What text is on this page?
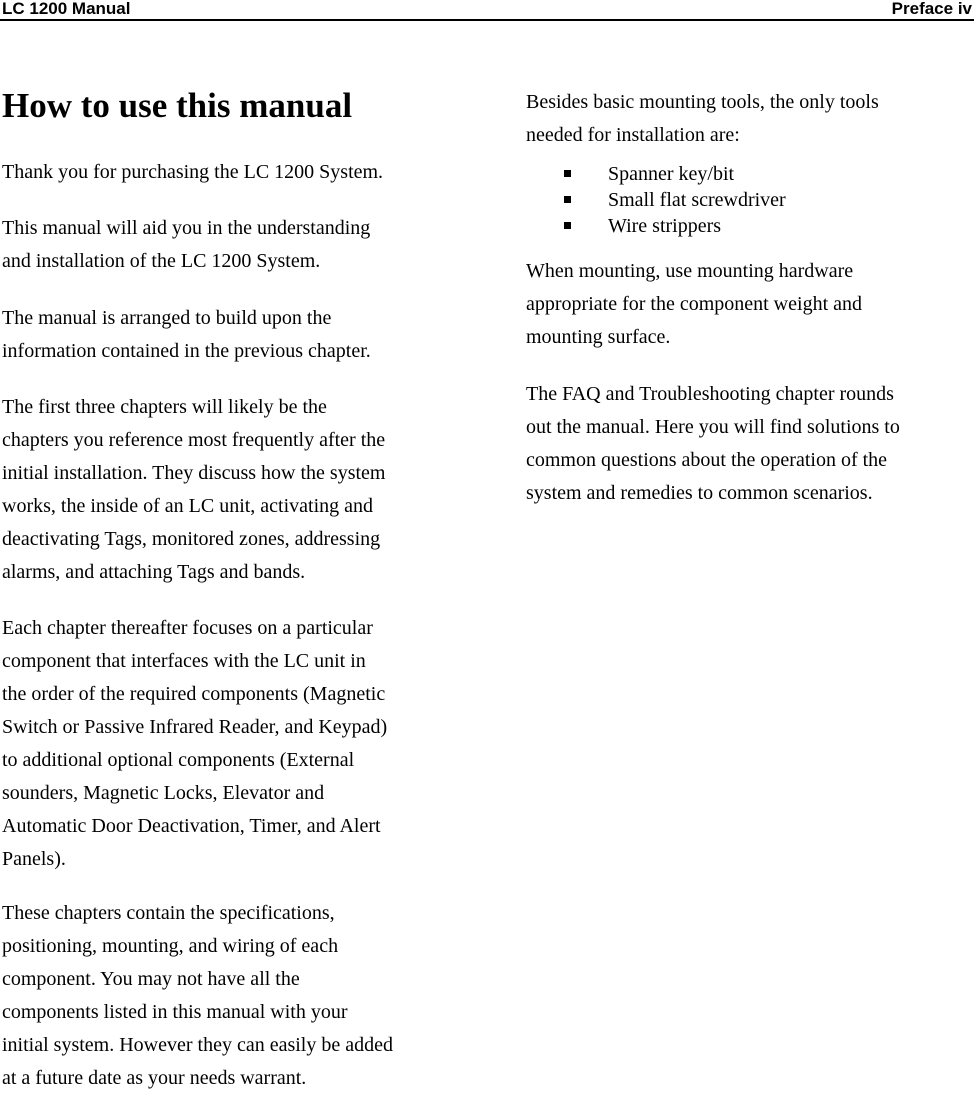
LC 1200 Manual	Preface iv
How to use this manual

Thank you for purchasing the LC 1200 System.

This manual will aid you in the understanding
and installation of the LC 1200 System.

The manual is arranged to build upon the
information contained in the previous chapter.

The first three chapters will likely be the
chapters you reference most frequently after the
initial installation. They discuss how the system
works, the inside of an LC unit, activating and
deactivating Tags, monitored zones, addressing
alarms, and attaching Tags and bands.

Each chapter thereafter focuses on a particular
component that interfaces with the LC unit in
the order of the required components (Magnetic
Switch or Passive Infrared Reader, and Keypad)
to additional optional components (External
sounders, Magnetic Locks, Elevator and
Automatic Door Deactivation, Timer, and Alert
Panels).

These chapters contain the specifications,
positioning, mounting, and wiring of each
component. You may not have all the
components listed in this manual with your
initial system. However they can easily be added
at a future date as your needs warrant.

Besides basic mounting tools, the only tools
needed for installation are:

Spanner key/bit
Small flat screwdriver
Wire strippers

When mounting, use mounting hardware
appropriate for the component weight and
mounting surface.

The FAQ and Troubleshooting chapter rounds
out the manual. Here you will find solutions to
common questions about the operation of the
system and remedies to common scenarios.
